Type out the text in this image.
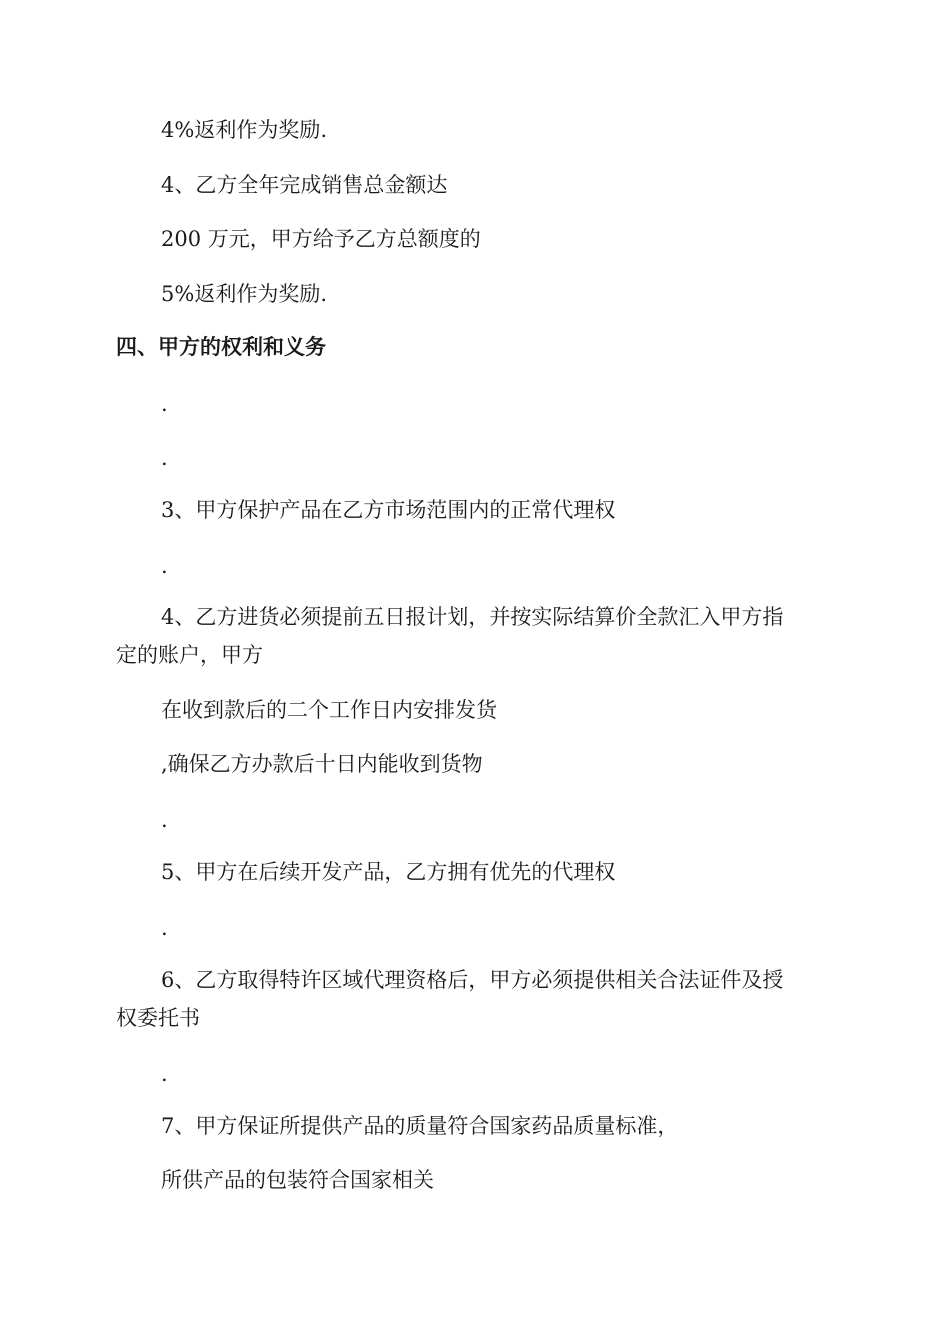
4%返利作为奖励.
4、乙方全年完成销售总金额达
200 万元，甲方给予乙方总额度的
5%返利作为奖励.
四、甲方的权利和义务
.
.
3、甲方保护产品在乙方市场范围内的正常代理权
.
4、乙方进货必须提前五日报计划，并按实际结算价全款汇入甲方指
定的账户，甲方
在收到款后的二个工作日内安排发货
,确保乙方办款后十日内能收到货物
.
5、甲方在后续开发产品，乙方拥有优先的代理权
.
6、乙方取得特许区域代理资格后，甲方必须提供相关合法证件及授
权委托书
.
7、甲方保证所提供产品的质量符合国家药品质量标准，
所供产品的包装符合国家相关
